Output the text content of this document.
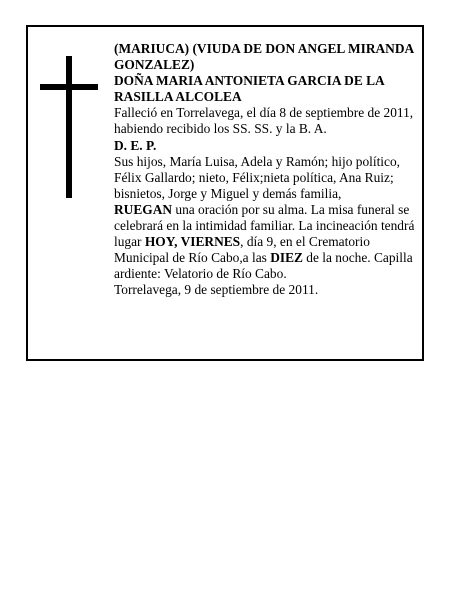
(MARIUCA) (VIUDA DE DON ANGEL MIRANDA GONZALEZ)

DOÑA MARIA ANTONIETA GARCIA DE LA RASILLA ALCOLEA

Falleció en Torrelavega, el día 8 de septiembre de 2011, habiendo recibido los SS. SS. y la B. A.

D. E. P.

Sus hijos, María Luisa, Adela y Ramón; hijo político, Félix Gallardo; nieto, Félix;nieta política, Ana Ruiz; bisnietos, Jorge y Miguel y demás familia,

RUEGAN una oración por su alma. La misa funeral se celebrará en la intimidad familiar. La incineación tendrá lugar HOY, VIERNES, día 9, en el Crematorio Municipal de Río Cabo,a las DIEZ de la noche. Capilla ardiente: Velatorio de Río Cabo.

Torrelavega, 9 de septiembre de 2011.
